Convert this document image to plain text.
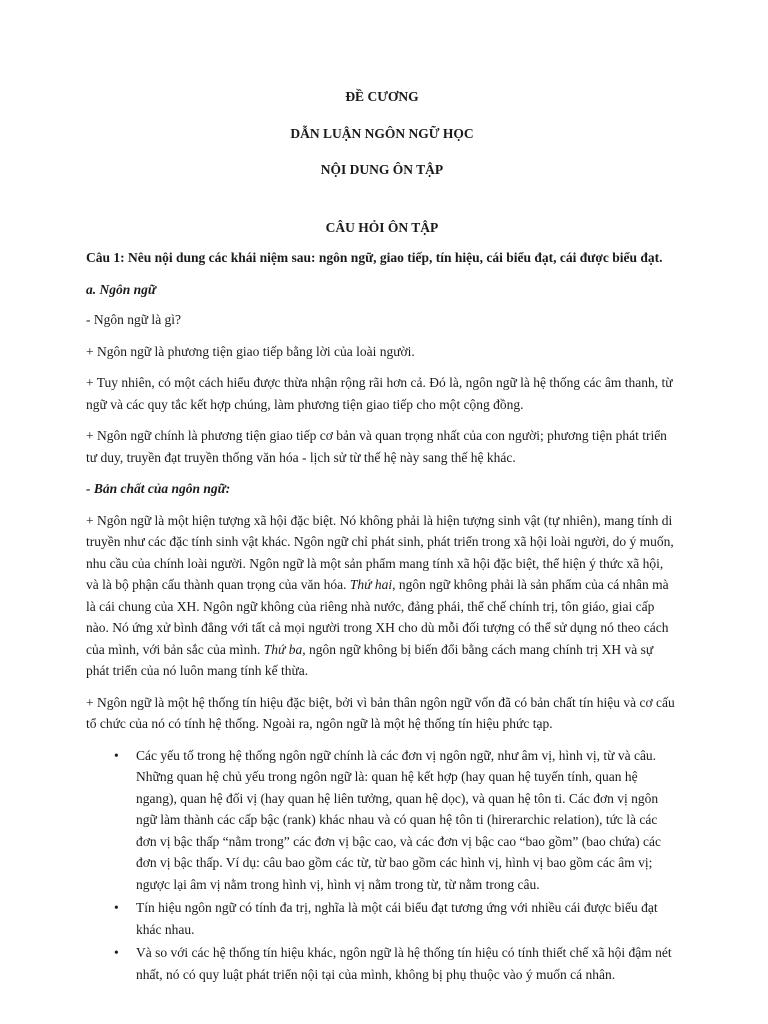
ĐỀ CƯƠNG
DẪN LUẬN NGÔN NGỮ HỌC
NỘI DUNG ÔN TẬP
CÂU HỎI ÔN TẬP

Câu 1: Nêu nội dung các khái niệm sau: ngôn ngữ, giao tiếp, tín hiệu, cái biểu đạt, cái được biểu đạt.

a. Ngôn ngữ

- Ngôn ngữ là gì?

+ Ngôn ngữ là phương tiện giao tiếp bằng lời của loài người.

+ Tuy nhiên, có một cách hiểu được thừa nhận rộng rãi hơn cả. Đó là, ngôn ngữ là hệ thống các âm thanh, từ ngữ và các quy tắc kết hợp chúng, làm phương tiện giao tiếp cho một cộng đồng.

+ Ngôn ngữ chính là phương tiện giao tiếp cơ bản và quan trọng nhất của con người; phương tiện phát triển tư duy, truyền đạt truyền thống văn hóa - lịch sử từ thế hệ này sang thế hệ khác.

- Bản chất của ngôn ngữ:

+ Ngôn ngữ là một hiện tượng xã hội đặc biệt. Nó không phải là hiện tượng sinh vật (tự nhiên), mang tính di truyền như các đặc tính sinh vật khác. Ngôn ngữ chỉ phát sinh, phát triển trong xã hội loài người, do ý muốn, nhu cầu của chính loài người. Ngôn ngữ là một sản phẩm mang tính xã hội đặc biệt, thể hiện ý thức xã hội, và là bộ phận cấu thành quan trọng của văn hóa. Thứ hai, ngôn ngữ không phải là sản phẩm của cá nhân mà là cái chung của XH. Ngôn ngữ không của riêng nhà nước, đảng phái, thể chế chính trị, tôn giáo, giai cấp nào. Nó ứng xử bình đẳng với tất cả mọi người trong XH cho dù mỗi đối tượng có thể sử dụng nó theo cách của mình, với bản sắc của mình. Thứ ba, ngôn ngữ không bị biến đổi bằng cách mang chính trị XH và sự phát triển của nó luôn mang tính kế thừa.

+ Ngôn ngữ là một hệ thống tín hiệu đặc biệt, bởi vì bản thân ngôn ngữ vốn đã có bản chất tín hiệu và cơ cấu tổ chức của nó có tính hệ thống. Ngoài ra, ngôn ngữ là một hệ thống tín hiệu phức tạp.

• Các yếu tố trong hệ thống ngôn ngữ chính là các đơn vị ngôn ngữ, như âm vị, hình vị, từ và câu. Những quan hệ chủ yếu trong ngôn ngữ là: quan hệ kết hợp (hay quan hệ tuyến tính, quan hệ ngang), quan hệ đối vị (hay quan hệ liên tưởng, quan hệ dọc), và quan hệ tôn ti. Các đơn vị ngôn ngữ làm thành các cấp bậc (rank) khác nhau và có quan hệ tôn ti (hirerarchic relation), tức là các đơn vị bậc thấp “nằm trong” các đơn vị bậc cao, và các đơn vị bậc cao “bao gồm” (bao chứa) các đơn vị bậc thấp. Ví dụ: câu bao gồm các từ, từ bao gồm các hình vị, hình vị bao gồm các âm vị; ngược lại âm vị nằm trong hình vị, hình vị nằm trong từ, từ nằm trong câu.
• Tín hiệu ngôn ngữ có tính đa trị, nghĩa là một cái biểu đạt tương ứng với nhiều cái được biểu đạt khác nhau.
• Và so với các hệ thống tín hiệu khác, ngôn ngữ là hệ thống tín hiệu có tính thiết chế xã hội đậm nét nhất, nó có quy luật phát triển nội tại của mình, không bị phụ thuộc vào ý muốn cá nhân.
